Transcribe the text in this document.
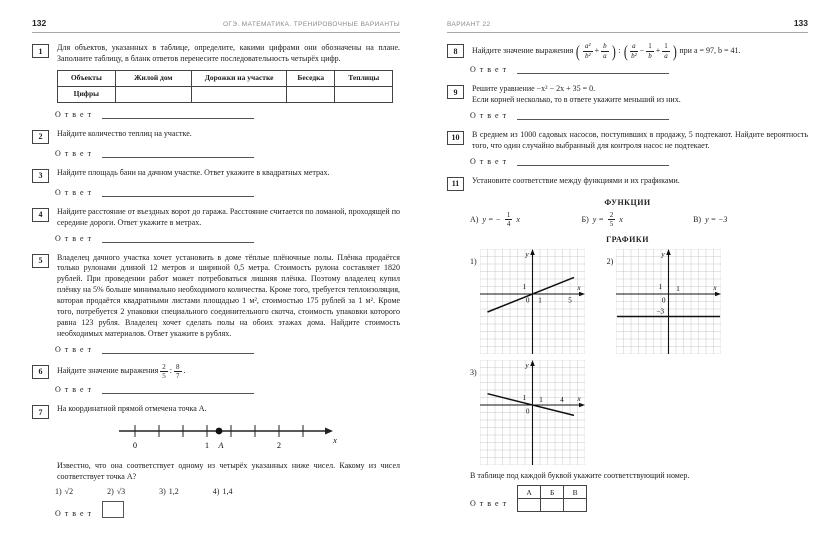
132	ОГЭ. МАТЕМАТИКА. ТРЕНИРОВОЧНЫЕ ВАРИАНТЫ
1	Для объектов, указанных в таблице, определите, какими цифрами они обозначены на плане. Заполните таблицу, в бланк ответов перенесите последовательность четырёх цифр.
Объекты	Жилой дом	Дорожки на участке	Беседка	Теплицы
Цифры				
О т в е т
2	Найдите количество теплиц на участке.
О т в е т
3	Найдите площадь бани на дачном участке. Ответ укажите в квадратных метрах.
О т в е т
4	Найдите расстояние от въездных ворот до гаража. Расстояние считается по ломаной, проходящей по середине дороги. Ответ укажите в метрах.
О т в е т
5	Владелец дачного участка хочет установить в доме тёплые плёночные полы. Плёнка продаётся только рулонами длиной 12 метров и шириной 0,5 метра. Стоимость рулона составляет 1820 рублей. При проведении работ может потребоваться лишняя плёнка. Поэтому владелец купил плёнку на 5% больше минимально необходимого количества. Кроме того, требуется теплоизоляция, которая продаётся квадратными листами площадью 1 м², стоимостью 175 рублей за 1 м². Кроме того, потребуется 2 упаковки специального соединительного скотча, стоимость упаковки которого равна 123 рубля. Владелец хочет сделать полы на обоих этажах дома. Найдите стоимость необходимых материалов. Ответ укажите в рублях.
О т в е т
6	Найдите значение выражения $\frac{2}{5}$ : $\frac{8}{7}$ .
О т в е т
7	На координатной прямой отмечена точка A.
0	1 A	2
x
Известно, что она соответствует одному из четырёх указанных ниже чисел. Какому из чисел соответствует точка A?
1) √2	2) √3	3) 1,2	4) 1,4
О т в е т
ВАРИАНТ 22	133
8	Найдите значение выражения ( $\frac{\text{a²}}{\text{b²}} + \frac{b}{a}$ ) : ( $\frac{a}{\text{b²}} - \frac{1}{b} + \frac{1}{a}$ ) при a = 97, b = 41.
О т в е т
9	Решите уравнение −x² − 2x + 35 = 0.
Если корней несколько, то в ответе укажите меньший из них.
О т в е т
10	В среднем из 1000 садовых насосов, поступивших в продажу, 5 подтекают. Найдите вероятность того, что один случайно выбранный для контроля насос не подтекает.
О т в е т
11	Установите соответствие между функциями и их графиками.
ФУНКЦИИ
А) y = − $\frac{1}{4}$ x	Б) $y = \frac{2}{5}$ x	В) y = −3
ГРАФИКИ
1)
1
0 1	5
x
y
2)
1
0
1
−3
x
y
3)
1
0
1	4 x
y
В таблице под каждой буквой укажите соответствующий номер.
О т в е т
А	Б	В
